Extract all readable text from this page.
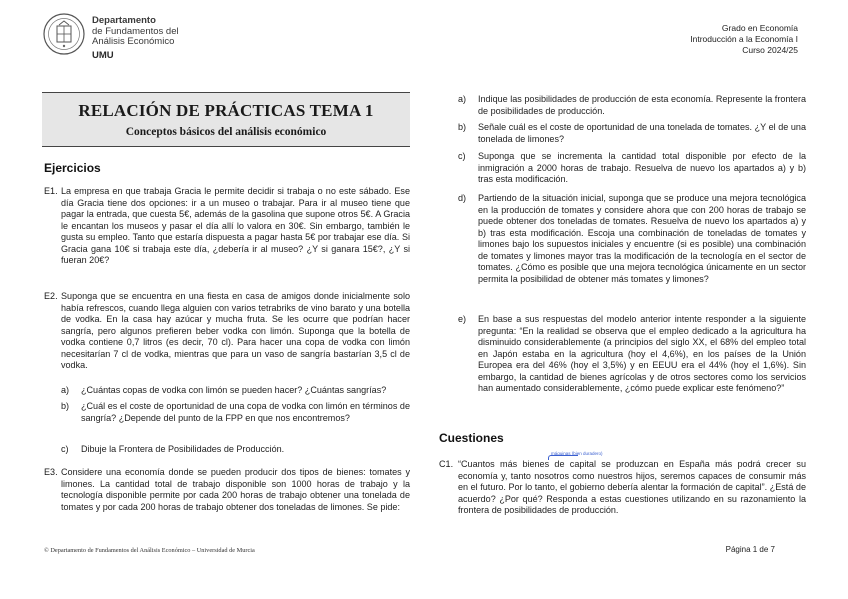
Departamento
de Fundamentos del
Análisis Económico
UMU
Grado en Economía
Introducción a la Economía I
Curso 2024/25
RELACIÓN DE PRÁCTICAS TEMA 1
Conceptos básicos del análisis económico
Ejercicios
E1. La empresa en que trabaja Gracia le permite decidir si trabaja o no este sábado. Ese día Gracia tiene dos opciones: ir a un museo o trabajar. Para ir al museo tiene que pagar la entrada, que cuesta 5€, además de la gasolina que supone otros 5€. A Gracia le encantan los museos y pasar el día allí lo valora en 30€. Sin embargo, también le gusta su empleo. Tanto que estaría dispuesta a pagar hasta 5€ por trabajar ese día. Si Gracia gana 10€ si trabaja este día, ¿debería ir al museo? ¿Y si ganara 15€?, ¿Y si fueran 20€?

E2. Suponga que se encuentra en una fiesta en casa de amigos donde inicialmente solo había refrescos, cuando llega alguien con varios tetrabriks de vino barato y una botella de vodka. En la casa hay azúcar y mucha fruta. Se les ocurre que podrían hacer sangría, pero algunos prefieren beber vodka con limón. Suponga que la botella de vodka contiene 0,7 litros (es decir, 70 cl). Para hacer una copa de vodka con limón necesitarían 7 cl de vodka, mientras que para un vaso de sangría bastarían 3,5 cl de vodka.

a) ¿Cuántas copas de vodka con limón se pueden hacer? ¿Cuántas sangrías?

b) ¿Cuál es el coste de oportunidad de una copa de vodka con limón en términos de sangría? ¿Depende del punto de la FPP en que nos encontremos?

c) Dibuje la Frontera de Posibilidades de Producción.

E3. Considere una economía donde se pueden producir dos tipos de bienes: tomates y limones. La cantidad total de trabajo disponible son 1000 horas de trabajo y la tecnología disponible permite por cada 200 horas de trabajo obtener una tonelada de tomates y por cada 200 horas de trabajo obtener dos toneladas de limones. Se pide:

a) Indique las posibilidades de producción de esta economía. Represente la frontera de posibilidades de producción.

b) Señale cuál es el coste de oportunidad de una tonelada de tomates. ¿Y el de una tonelada de limones?

c) Suponga que se incrementa la cantidad total disponible por efecto de la inmigración a 2000 horas de trabajo. Resuelva de nuevo los apartados a) y b) tras esta modificación.

d) Partiendo de la situación inicial, suponga que se produce una mejora tecnológica en la producción de tomates y considere ahora que con 200 horas de trabajo se puede obtener dos toneladas de tomates. Resuelva de nuevo los apartados a) y b) tras esta modificación. Escoja una combinación de toneladas de tomates y limones bajo los supuestos iniciales y encuentre (si es posible) una combinación de tomates y limones mayor tras la modificación de la tecnología en el sector de tomates. ¿Cómo es posible que una mejora tecnológica únicamente en un sector permita la posibilidad de obtener más tomates y limones?

e) En base a sus respuestas del modelo anterior intente responder a la siguiente pregunta: “En la realidad se observa que el empleo dedicado a la agricultura ha disminuido considerablemente (a principios del siglo XX, el 68% del empleo total en Japón estaba en la agricultura (hoy el 4,6%), en los países de la Unión Europea era del 46% (hoy el 3,5%) y en EEUU era el 44% (hoy el 1,6%). Sin embargo, la cantidad de bienes agrícolas y de otros sectores como los servicios han aumentado considerablemente, ¿cómo puede explicar este fenómeno?”

Cuestiones
máquinas (bien duradero)
C1. “Cuantos más bienes de capital se produzcan en España más podrá crecer su economía y, tanto nosotros como nuestros hijos, seremos capaces de consumir más en el futuro. Por lo tanto, el gobierno debería alentar la formación de capital”. ¿Está de acuerdo? ¿Por qué? Responda a estas cuestiones utilizando en su razonamiento la frontera de posibilidades de producción.

© Departamento de Fundamentos del Análisis Económico – Universidad de Murcia	Página 1 de 7
